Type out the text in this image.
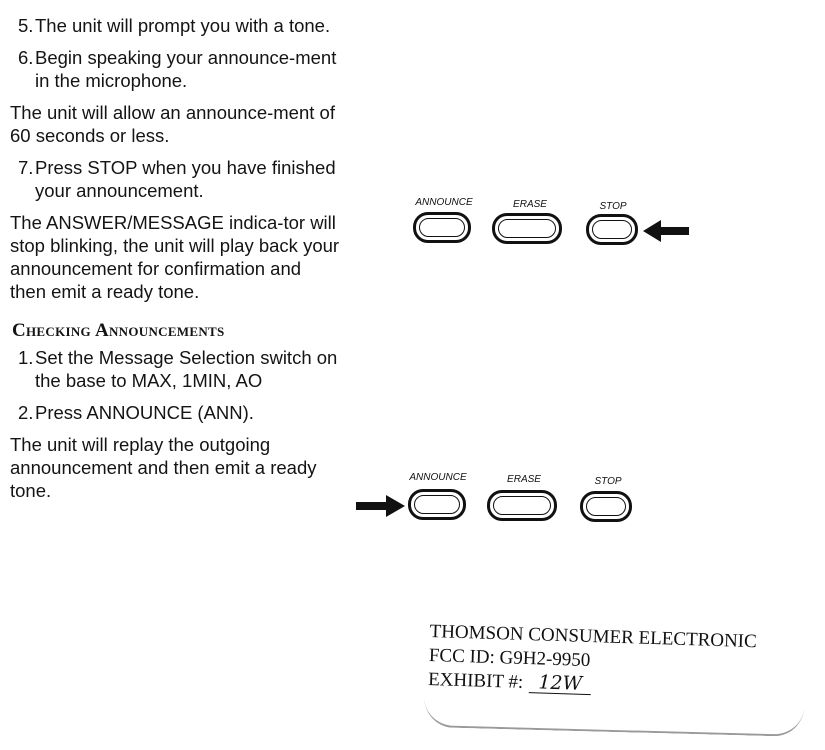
5. The unit will prompt you with a tone.
6. Begin speaking your announce-ment in the microphone.

The unit will allow an announce-ment of 60 seconds or less.

7. Press STOP when you have finished your announcement.

The ANSWER/MESSAGE indica-tor will stop blinking, the unit will play back your announcement for confirmation and then emit a ready tone.

Checking Announcements
1. Set the Message Selection switch on the base to MAX, 1MIN, AO
2. Press ANNOUNCE (ANN).

The unit will replay the outgoing announcement and then emit a ready tone.

ANNOUNCE	ERASE	STOP
ANNOUNCE	ERASE	STOP
THOMSON CONSUMER ELECTRONIC
FCC ID: G9H2-9950
EXHIBIT #: 12W
